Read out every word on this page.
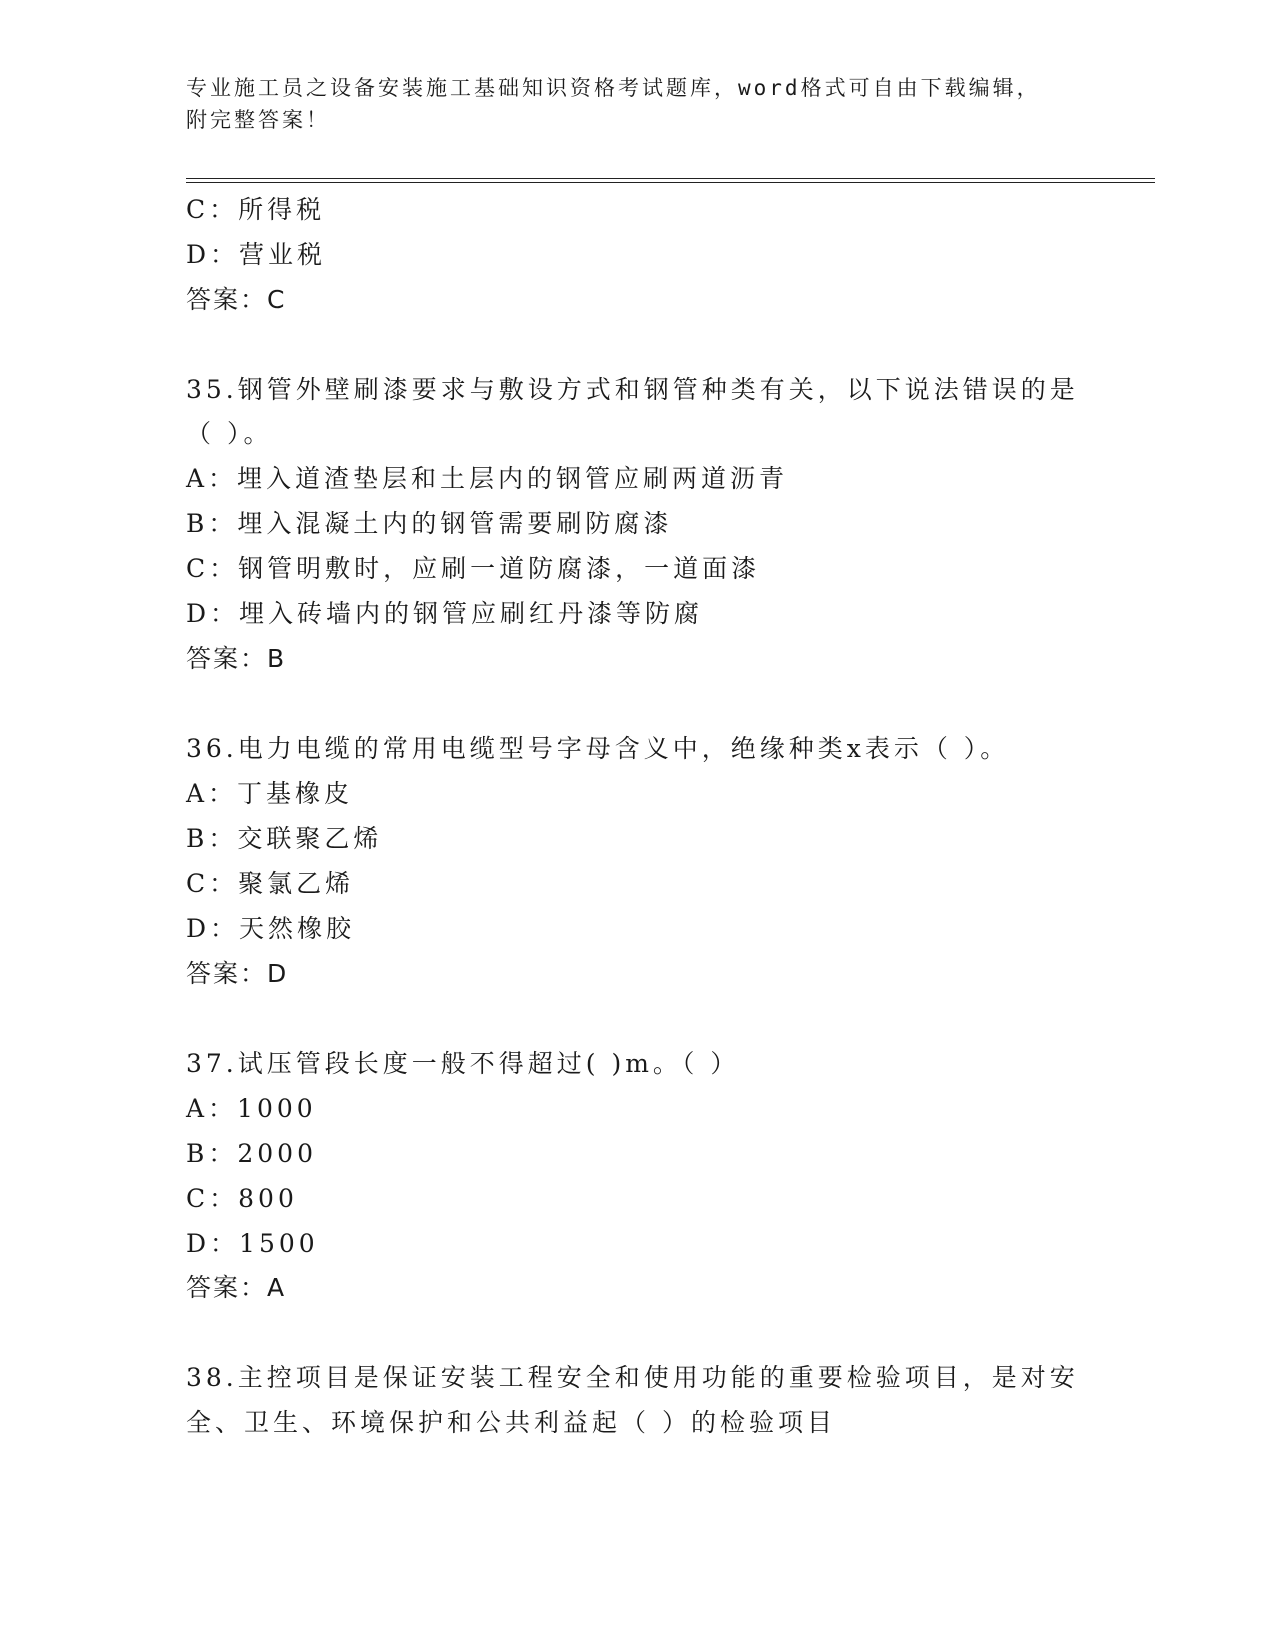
专业施工员之设备安装施工基础知识资格考试题库，word格式可自由下载编辑，
附完整答案！
C：所得税
D：营业税
答案：C
35.钢管外壁刷漆要求与敷设方式和钢管种类有关，以下说法错误的是
（ ）。
A：埋入道渣垫层和土层内的钢管应刷两道沥青
B：埋入混凝土内的钢管需要刷防腐漆
C：钢管明敷时，应刷一道防腐漆，一道面漆
D：埋入砖墙内的钢管应刷红丹漆等防腐
答案：B
36.电力电缆的常用电缆型号字母含义中，绝缘种类x表示（ ）。
A：丁基橡皮
B：交联聚乙烯
C：聚氯乙烯
D：天然橡胶
答案：D
37.试压管段长度一般不得超过( )m。（ ）
A：1000
B：2000
C：800
D：1500
答案：A
38.主控项目是保证安装工程安全和使用功能的重要检验项目，是对安
全、卫生、环境保护和公共利益起（ ）的检验项目
